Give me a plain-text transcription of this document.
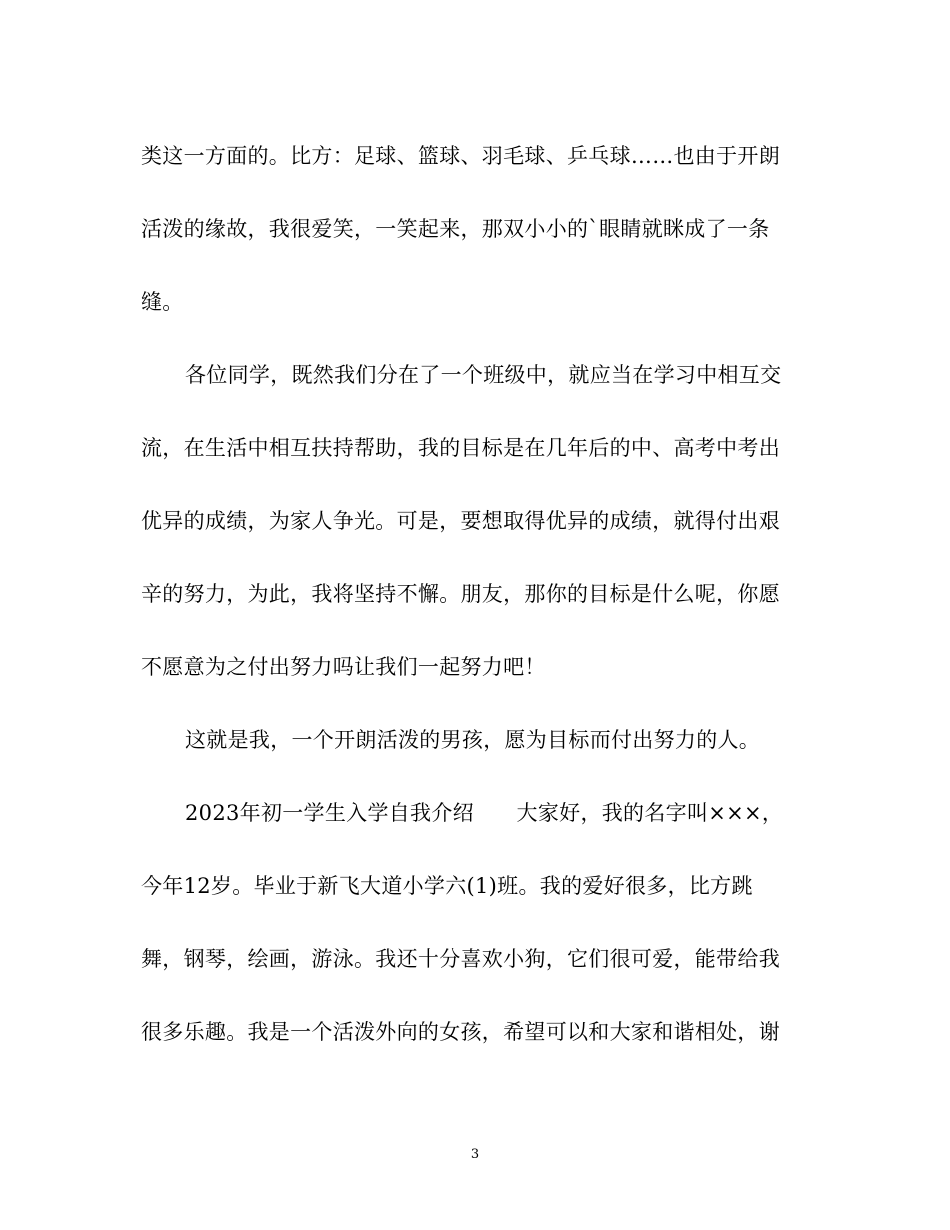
类这一方面的。比方：足球、篮球、羽毛球、乒乓球……也由于开朗
活泼的缘故，我很爱笑，一笑起来，那双小小的`眼睛就眯成了一条
缝。
各位同学，既然我们分在了一个班级中，就应当在学习中相互交
流，在生活中相互扶持帮助，我的目标是在几年后的中、高考中考出
优异的成绩，为家人争光。可是，要想取得优异的成绩，就得付出艰
辛的努力，为此，我将坚持不懈。朋友，那你的目标是什么呢，你愿
不愿意为之付出努力吗让我们一起努力吧！
这就是我，一个开朗活泼的男孩，愿为目标而付出努力的人。
2023年初一学生入学自我介绍　　大家好，我的名字叫×××，
今年12岁。毕业于新飞大道小学六(1)班。我的爱好很多，比方跳
舞，钢琴，绘画，游泳。我还十分喜欢小狗，它们很可爱，能带给我
很多乐趣。我是一个活泼外向的女孩，希望可以和大家和谐相处，谢
3
